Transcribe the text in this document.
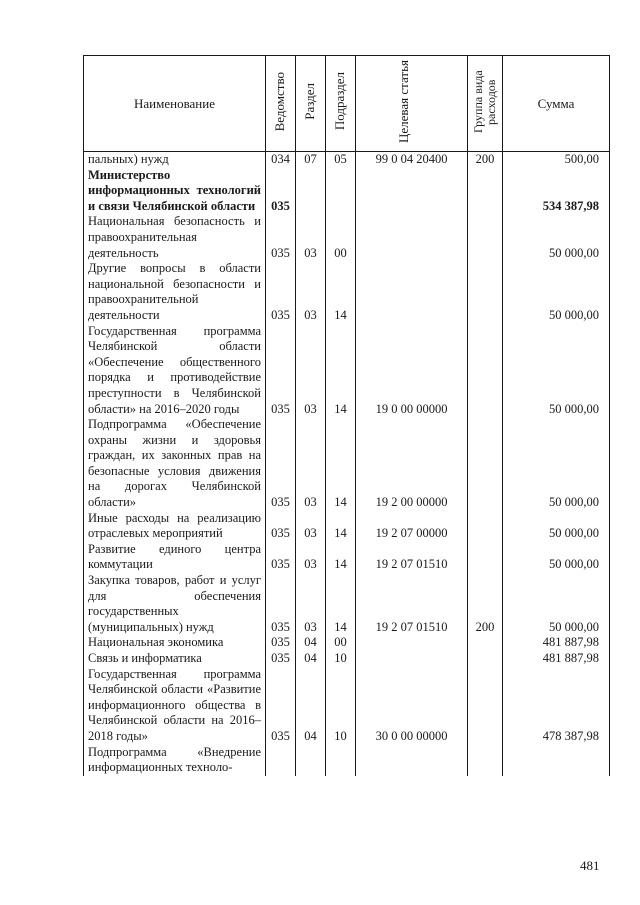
Наименование	Ведомство	Раздел	Подраздел	Целевая статья	Группа вида расходов	Сумма
пальных) нужд	034	07	05	99 0 04 20400	200	500,00
Министерство информационных технологий и связи Челябинской области	035					534 387,98
Национальная безопасность и правоохранительная деятельность	035	03	00			50 000,00
Другие вопросы в области национальной безопасности и правоохранительной деятельности	035	03	14			50 000,00
Государственная программа Челябинской области «Обеспечение общественного порядка и противодействие преступности в Челябинской области» на 2016–2020 годы	035	03	14	19 0 00 00000		50 000,00
Подпрограмма «Обеспечение охраны жизни и здоровья граждан, их законных прав на безопасные условия движения на дорогах Челябинской области»	035	03	14	19 2 00 00000		50 000,00
Иные расходы на реализацию отраслевых мероприятий	035	03	14	19 2 07 00000		50 000,00
Развитие единого центра коммутации	035	03	14	19 2 07 01510		50 000,00
Закупка товаров, работ и услуг для обеспечения государственных (муниципальных) нужд	035	03	14	19 2 07 01510	200	50 000,00
Национальная экономика	035	04	00			481 887,98
Связь и информатика	035	04	10			481 887,98
Государственная программа Челябинской области «Развитие информационного общества в Челябинской области на 2016–2018 годы»	035	04	10	30 0 00 00000		478 387,98
Подпрограмма «Внедрение информационных техноло-						
481
